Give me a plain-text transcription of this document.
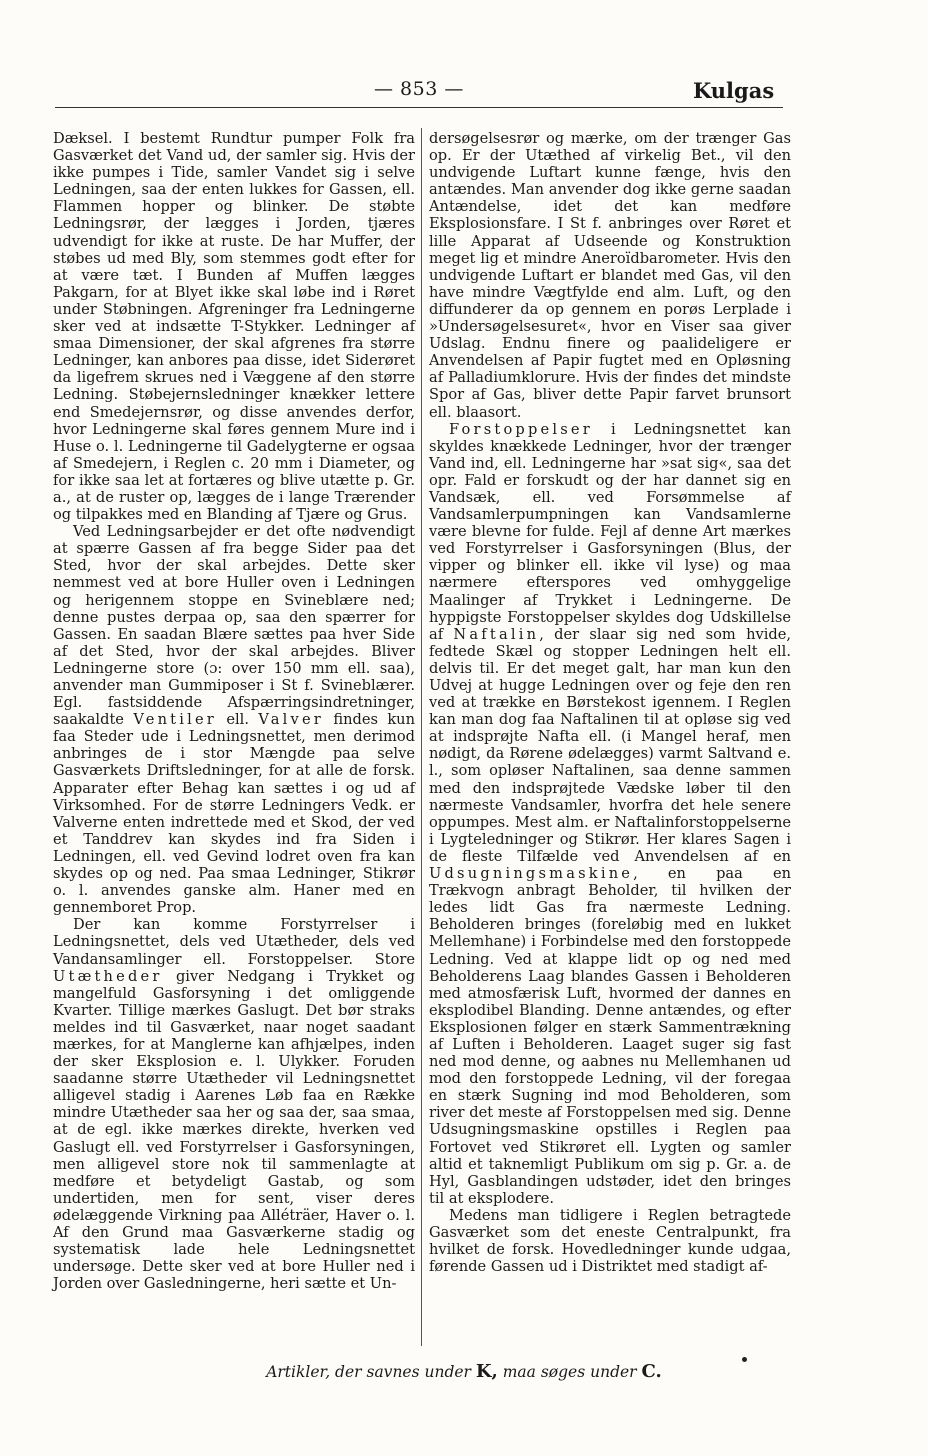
— 853 —	Kulgas

Dæksel. I bestemt Rundtur pumper Folk fra Gasværket det Vand ud, der samler sig. Hvis der ikke pumpes i Tide, samler Vandet sig i selve Ledningen, saa der enten lukkes for Gassen, ell. Flammen hopper og blinker. De støbte Ledningsrør, der lægges i Jorden, tjæres udvendigt for ikke at ruste. De har Muffer, der støbes ud med Bly, som stemmes godt efter for at være tæt. I Bunden af Muffen lægges Pakgarn, for at Blyet ikke skal løbe ind i Røret under Støbningen. Afgreninger fra Ledningerne sker ved at indsætte T-Stykker. Ledninger af smaa Dimensioner, der skal afgrenes fra større Ledninger, kan anbores paa disse, idet Siderøret da ligefrem skrues ned i Væggene af den større Ledning. Støbejernsledninger knækker lettere end Smedejernsrør, og disse anvendes derfor, hvor Ledningerne skal føres gennem Mure ind i Huse o. l. Ledningerne til Gadelygterne er ogsaa af Smedejern, i Reglen c. 20 mm i Diameter, og for ikke saa let at fortæres og blive utætte p. Gr. a., at de ruster op, lægges de i lange Trærender og tilpakkes med en Blanding af Tjære og Grus.

Ved Ledningsarbejder er det ofte nødvendigt at spærre Gassen af fra begge Sider paa det Sted, hvor der skal arbejdes. Dette sker nemmest ved at bore Huller oven i Ledningen og herigennem stoppe en Svineblære ned; denne pustes derpaa op, saa den spærrer for Gassen. En saadan Blære sættes paa hver Side af det Sted, hvor der skal arbejdes. Bliver Ledningerne store (ɔ: over 150 mm ell. saa), anvender man Gummiposer i St f. Svineblærer. Egl. fastsiddende Afspærringsindretninger, saakaldte Ventiler ell. Valver findes kun faa Steder ude i Ledningsnettet, men derimod anbringes de i stor Mængde paa selve Gasværkets Driftsledninger, for at alle de forsk. Apparater efter Behag kan sættes i og ud af Virksomhed. For de større Ledningers Vedk. er Valverne enten indrettede med et Skod, der ved et Tanddrev kan skydes ind fra Siden i Ledningen, ell. ved Gevind lodret oven fra kan skydes op og ned. Paa smaa Ledninger, Stikrør o. l. anvendes ganske alm. Haner med en gennemboret Prop.

Der kan komme Forstyrrelser i Ledningsnettet, dels ved Utætheder, dels ved Vandansamlinger ell. Forstoppelser. Store Utætheder giver Nedgang i Trykket og mangelfuld Gasforsyning i det omliggende Kvarter. Tillige mærkes Gaslugt. Det bør straks meldes ind til Gasværket, naar noget saadant mærkes, for at Manglerne kan afhjælpes, inden der sker Eksplosion e. l. Ulykker. Foruden saadanne større Utætheder vil Ledningsnettet alligevel stadig i Aarenes Løb faa en Række mindre Utætheder saa her og saa der, saa smaa, at de egl. ikke mærkes direkte, hverken ved Gaslugt ell. ved Forstyrrelser i Gasforsyningen, men alligevel store nok til sammenlagte at medføre et betydeligt Gastab, og som undertiden, men for sent, viser deres ødelæggende Virkning paa Alléträer, Haver o. l. Af den Grund maa Gasværkerne stadig og systematisk lade hele Ledningsnettet undersøge. Dette sker ved at bore Huller ned i Jorden over Gasledningerne, heri sætte et Un-

dersøgelsesrør og mærke, om der trænger Gas op. Er der Utæthed af virkelig Bet., vil den undvigende Luftart kunne fænge, hvis den antændes. Man anvender dog ikke gerne saadan Antændelse, idet det kan medføre Eksplosionsfare. I St f. anbringes over Røret et lille Apparat af Udseende og Konstruktion meget lig et mindre Aneroïdbarometer. Hvis den undvigende Luftart er blandet med Gas, vil den have mindre Vægtfylde end alm. Luft, og den diffunderer da op gennem en porøs Lerplade i »Undersøgelsesuret«, hvor en Viser saa giver Udslag. Endnu finere og paalideligere er Anvendelsen af Papir fugtet med en Opløsning af Palladiumklorure. Hvis der findes det mindste Spor af Gas, bliver dette Papir farvet brunsort ell. blaasort.

Forstoppelser i Ledningsnettet kan skyldes knækkede Ledninger, hvor der trænger Vand ind, ell. Ledningerne har »sat sig«, saa det opr. Fald er forskudt og der har dannet sig en Vandsæk, ell. ved Forsømmelse af Vandsamlerpumpningen kan Vandsamlerne være blevne for fulde. Fejl af denne Art mærkes ved Forstyrrelser i Gasforsyningen (Blus, der vipper og blinker ell. ikke vil lyse) og maa nærmere efterspores ved omhyggelige Maalinger af Trykket i Ledningerne. De hyppigste Forstoppelser skyldes dog Udskillelse af Naftalin, der slaar sig ned som hvide, fedtede Skæl og stopper Ledningen helt ell. delvis til. Er det meget galt, har man kun den Udvej at hugge Ledningen over og feje den ren ved at trække en Børstekost igennem. I Reglen kan man dog faa Naftalinen til at opløse sig ved at indsprøjte Nafta ell. (i Mangel heraf, men nødigt, da Rørene ødelægges) varmt Saltvand e. l., som opløser Naftalinen, saa denne sammen med den indsprøjtede Vædske løber til den nærmeste Vandsamler, hvorfra det hele senere oppumpes. Mest alm. er Naftalinforstoppelserne i Lygteledninger og Stikrør. Her klares Sagen i de fleste Tilfælde ved Anvendelsen af en Udsugningsmaskine, en paa en Trækvogn anbragt Beholder, til hvilken der ledes lidt Gas fra nærmeste Ledning. Beholderen bringes (foreløbig med en lukket Mellemhane) i Forbindelse med den forstoppede Ledning. Ved at klappe lidt op og ned med Beholderens Laag blandes Gassen i Beholderen med atmosfærisk Luft, hvormed der dannes en eksplodibel Blanding. Denne antændes, og efter Eksplosionen følger en stærk Sammentrækning af Luften i Beholderen. Laaget suger sig fast ned mod denne, og aabnes nu Mellemhanen ud mod den forstoppede Ledning, vil der foregaa en stærk Sugning ind mod Beholderen, som river det meste af Forstoppelsen med sig. Denne Udsugningsmaskine opstilles i Reglen paa Fortovet ved Stikrøret ell. Lygten og samler altid et taknemligt Publikum om sig p. Gr. a. de Hyl, Gasblandingen udstøder, idet den bringes til at eksplodere.

Medens man tidligere i Reglen betragtede Gasværket som det eneste Centralpunkt, fra hvilket de forsk. Hovedledninger kunde udgaa, førende Gassen ud i Distriktet med stadigt af-

Artikler, der savnes under K, maa søges under C.
